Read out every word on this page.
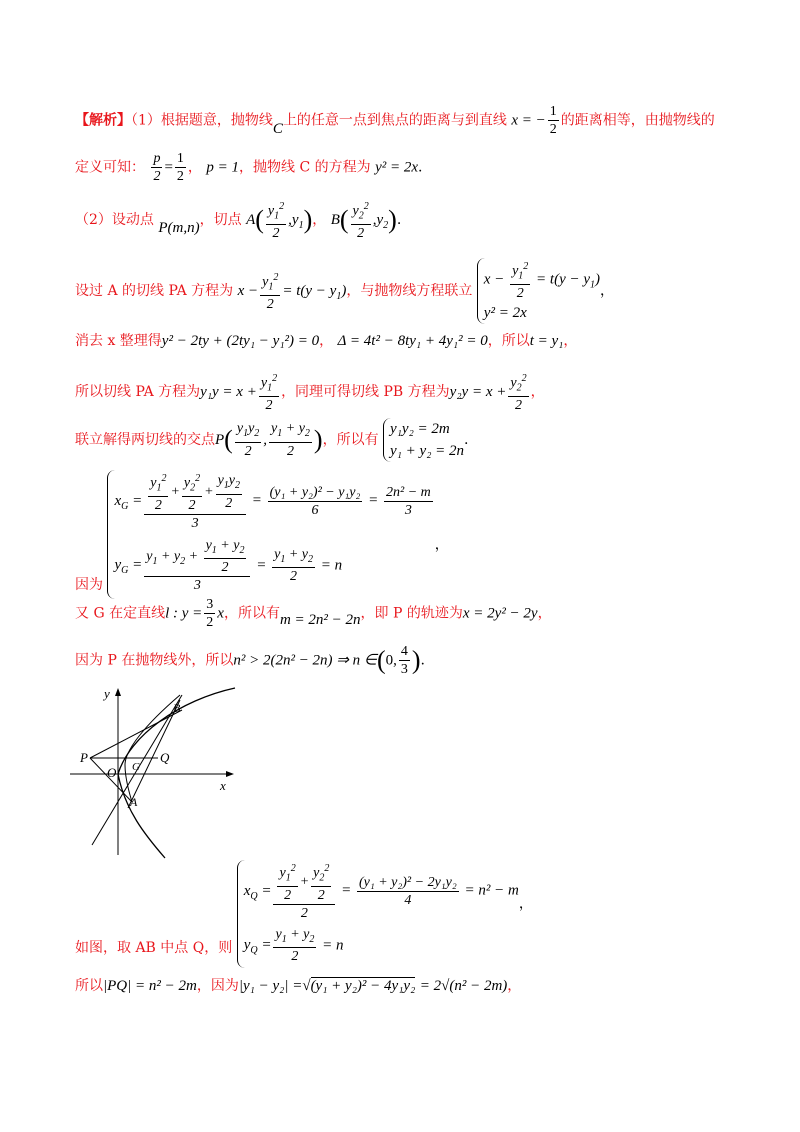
【解析】（1）根据题意，抛物线C上的任意一点到焦点的距离与到直线 x = − $\frac{1}{2}$ 的距离相等，由抛物线的
定义可知： $\frac{p}{2} = \frac{1}{2}$ ， p = 1，抛物线 C 的方程为 y² = 2x.
（2）设动点 P(m,n)，切点 $A( \frac{y_1^2}{2} ,y_1)$， $B( \frac{y_2^2}{2} ,y_2)$.
设过 A 的切线 PA 方程为 $x - \frac{y_1^2}{2} = t(y - y_1)$，与抛物线方程联立
$x - \frac{y_1^2}{2} = t(y - y_1)$
y² = 2x
，
消去 x 整理得y² − 2ty + (2ty₁ − y₁²) = 0， Δ = 4t² − 8ty₁ + 4y₁² = 0，所以t = y₁，
所以切线 PA 方程为$y_1y = x + \frac{y_1^2}{2}$ ，同理可得切线 PB 方程为$y_2y = x + \frac{y_2^2}{2}$ ，
联立解得两切线的交点$P( \frac{y_1y_2}{2}$ , $\frac{y_1 + y_2}{2}$ )，所以有
y₁y₂ = 2m
y₁ + y₂ = 2n
.
因为
$x_G = \frac{\frac{y_1^2}{2} + \frac{y_2^2}{2} + \frac{y_1y_2}{2}}{3} = \frac{\text{(y₁ + y₂)² − y₁y₂}}{6} = \frac{\text{2n² − m}}{3}$
$y_G = \frac{y_1 + y_2 + \frac{y_1 + y_2}{2}}{3} = \frac{y_1 + y_2}{2} = n$
，
又 G 在定直线l : $y = \frac{3}{2}$ x，所以有m = 2n² − 2n，即 P 的轨迹为x = 2y² − 2y，
因为 P 在抛物线外，所以n² > 2(2n² − 2n) ⇒ n ∈(0, $\frac{4}{3}$ ).
y
x
P
O G
Q
A
B
如图，取 AB 中点 Q，则
$x_Q = \frac{\frac{y_1^2}{2} + \frac{y_2^2}{2}}{2} = \frac{\text{(y₁ + y₂)² − 2y₁y₂}}{4} = n^2 - m$
$y_Q = \frac{y_1 + y_2}{2} = n$
，
所以|PQ| = n² − 2m，因为|y₁ − y₂| =√(y₁ + y₂)² − 4y₁y₂ = 2√(n² − 2m)，
